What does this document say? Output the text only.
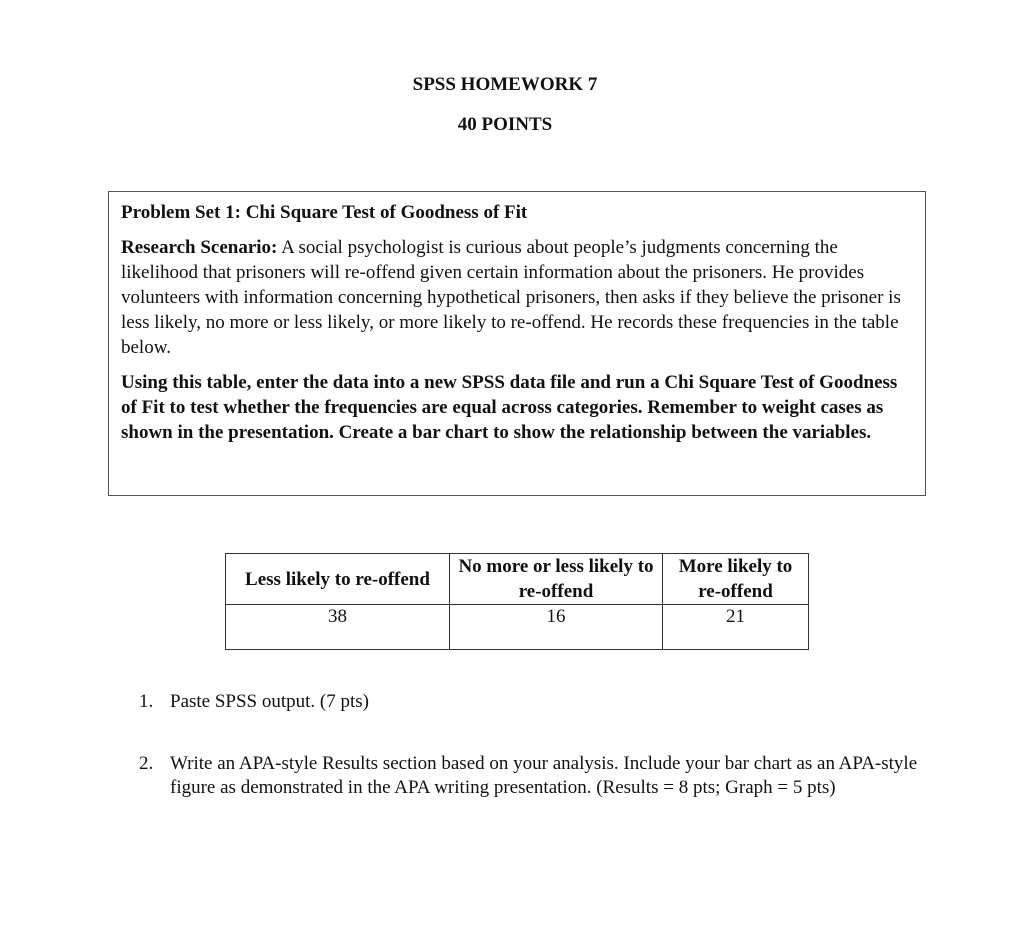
SPSS HOMEWORK 7
40 POINTS

Problem Set 1: Chi Square Test of Goodness of Fit

Research Scenario: A social psychologist is curious about people’s judgments concerning the likelihood that prisoners will re-offend given certain information about the prisoners. He provides volunteers with information concerning hypothetical prisoners, then asks if they believe the prisoner is less likely, no more or less likely, or more likely to re-offend. He records these frequencies in the table below.

Using this table, enter the data into a new SPSS data file and run a Chi Square Test of Goodness of Fit to test whether the frequencies are equal across categories. Remember to weight cases as shown in the presentation. Create a bar chart to show the relationship between the variables.

Less likely to re-offend	No more or less likely to re-offend	More likely to re-offend
38	16	21
1. Paste SPSS output. (7 pts)
2. Write an APA-style Results section based on your analysis. Include your bar chart as an APA-style figure as demonstrated in the APA writing presentation. (Results = 8 pts; Graph = 5 pts)
